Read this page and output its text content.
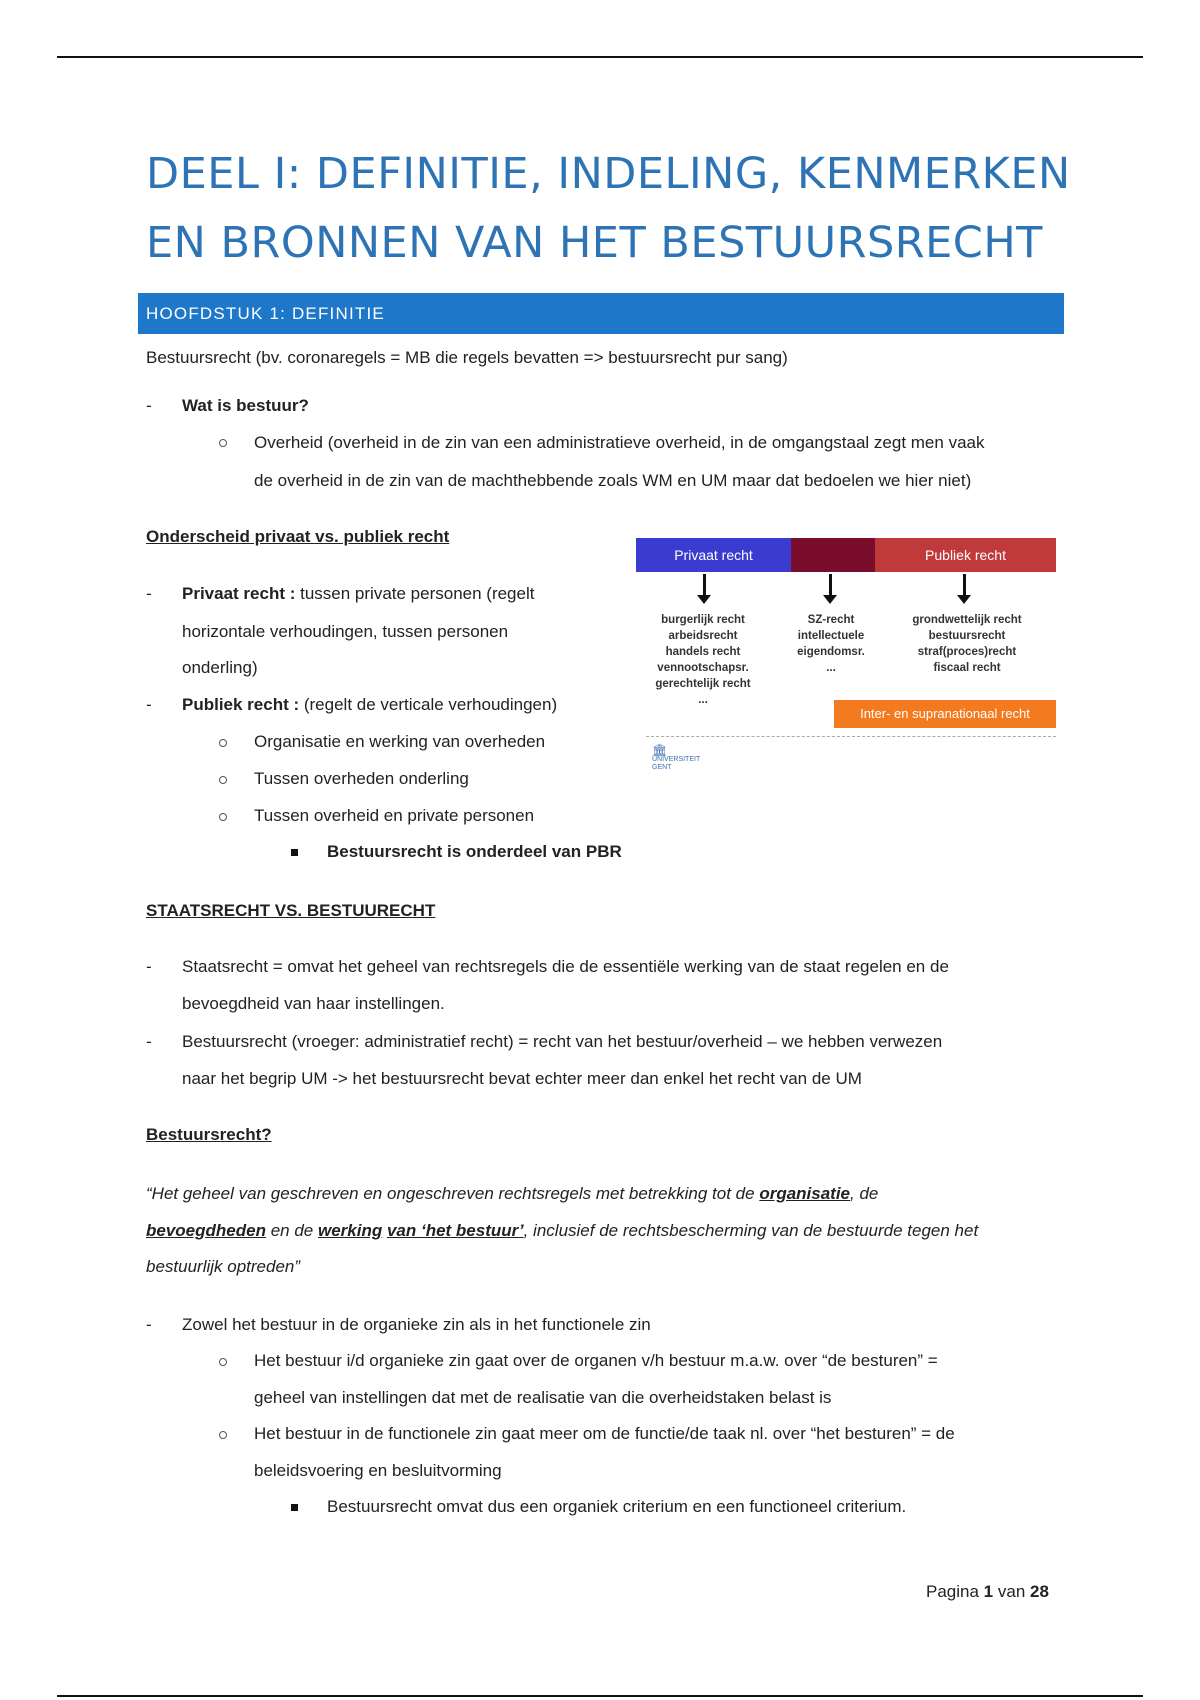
DEEL I: DEFINITIE, INDELING, KENMERKEN
EN BRONNEN VAN HET BESTUURSRECHT
HOOFDSTUK 1: DEFINITIE
Bestuursrecht (bv. coronaregels = MB die regels bevatten => bestuursrecht pur sang)
- Wat is bestuur?
Overheid (overheid in de zin van een administratieve overheid, in de omgangstaal zegt men vaak
de overheid in de zin van de machthebbende zoals WM en UM maar dat bedoelen we hier niet)
Onderscheid privaat vs. publiek recht
- Privaat recht : tussen private personen (regelt
horizontale verhoudingen, tussen personen
onderling)
- Publiek recht : (regelt de verticale verhoudingen)
Organisatie en werking van overheden
Tussen overheden onderling
Tussen overheid en private personen
Bestuursrecht is onderdeel van PBR
Privaat recht	Publiek recht
burgerlijk recht
arbeidsrecht
handels recht
vennootschapsr.
gerechtelijk recht
...
SZ-recht
intellectuele
eigendomsr.
...
grondwettelijk recht
bestuursrecht
straf(proces)recht
fiscaal recht
Inter- en supranationaal recht
🏛
UNIVERSITEIT
GENT
STAATSRECHT VS. BESTUURECHT
- Staatsrecht = omvat het geheel van rechtsregels die de essentiële werking van de staat regelen en de
bevoegdheid van haar instellingen.
- Bestuursrecht (vroeger: administratief recht) = recht van het bestuur/overheid – we hebben verwezen
naar het begrip UM -> het bestuursrecht bevat echter meer dan enkel het recht van de UM
Bestuursrecht?
“Het geheel van geschreven en ongeschreven rechtsregels met betrekking tot de organisatie, de
bevoegdheden en de werking van ‘het bestuur’, inclusief de rechtsbescherming van de bestuurde tegen het
bestuurlijk optreden”
- Zowel het bestuur in de organieke zin als in het functionele zin
Het bestuur i/d organieke zin gaat over de organen v/h bestuur m.a.w. over “de besturen” =
geheel van instellingen dat met de realisatie van die overheidstaken belast is
Het bestuur in de functionele zin gaat meer om de functie/de taak nl. over “het besturen” = de
beleidsvoering en besluitvorming
Bestuursrecht omvat dus een organiek criterium en een functioneel criterium.
Pagina 1 van 28
